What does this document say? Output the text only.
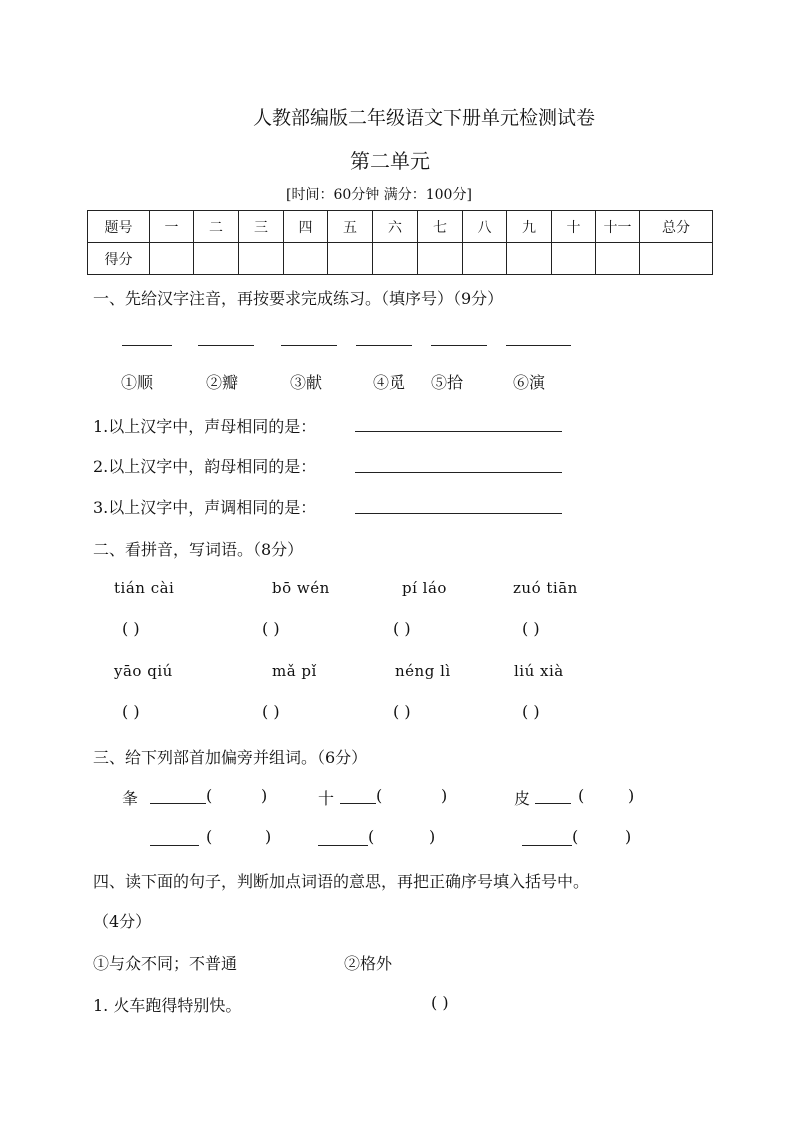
人教部编版二年级语文下册单元检测试卷
第二单元
[时间：60分钟 满分：100分]
题号	一	二	三	四	五	六	七	八	九	十	十一	总分
得分												
一、先给汉字注音，再按要求完成练习。（填序号）（9分）
①顺	②瓣	③献	④觅 ⑤拾	⑥演
1.以上汉字中，声母相同的是：
2.以上汉字中，韵母相同的是：
3.以上汉字中，声调相同的是：
二、看拼音，写词语。（8分）
tián cài	bō wén	pí láo	zuó tiān
( )	( )	( )	( )
yāo qiú	mǎ pǐ	néng lì	liú xià
( )	( )	( )	( )
三、给下列部首加偏旁并组词。（6分）
夆	(	)	十	(	)	皮	(	)
(	)	(	)	(	)
四、读下面的句子，判断加点词语的意思，再把正确序号填入括号中。
（4分）
①与众不同；不普通	②格外
1. 火车跑得特别快。	( )
